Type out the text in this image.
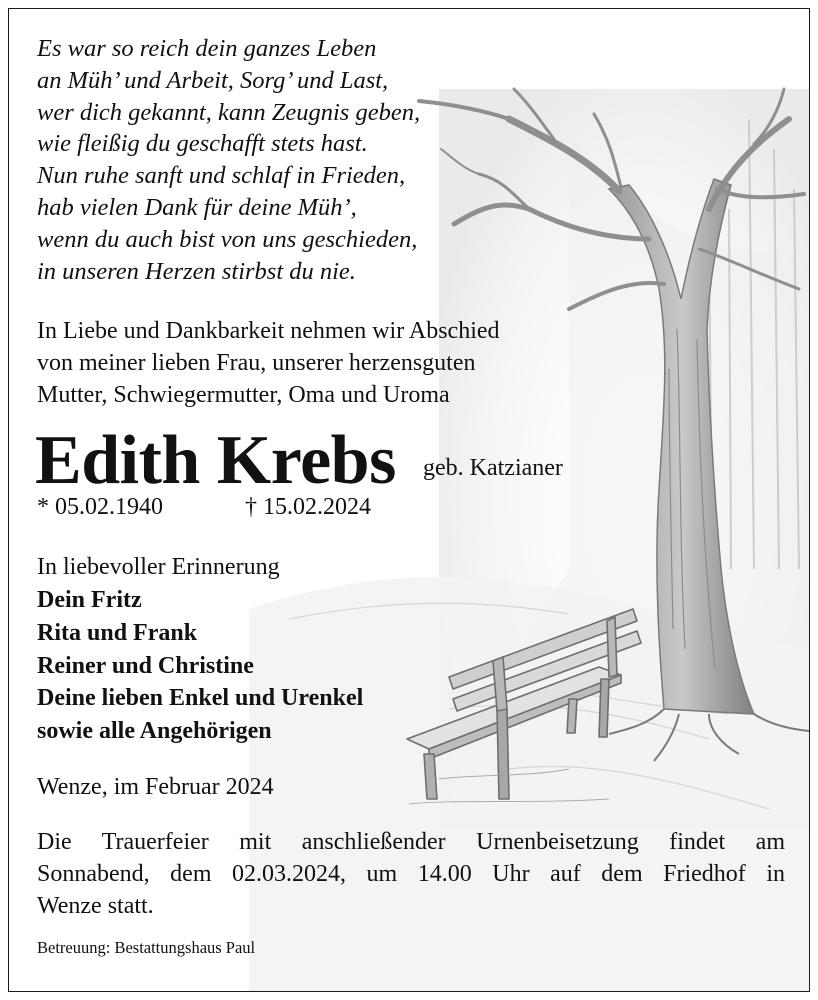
Es war so reich dein ganzes Leben
an Müh’ und Arbeit, Sorg’ und Last,
wer dich gekannt, kann Zeugnis geben,
wie fleißig du geschafft stets hast.
Nun ruhe sanft und schlaf in Frieden,
hab vielen Dank für deine Müh’,
wenn du auch bist von uns geschieden,
in unseren Herzen stirbst du nie.
In Liebe und Dankbarkeit nehmen wir Abschied
von meiner lieben Frau, unserer herzensguten
Mutter, Schwiegermutter, Oma und Uroma
Edith Krebs geb. Katzianer
* 05.02.1940	† 15.02.2024
In liebevoller Erinnerung
Dein Fritz
Rita und Frank
Reiner und Christine
Deine lieben Enkel und Urenkel
sowie alle Angehörigen
Wenze, im Februar 2024
Die Trauerfeier mit anschließender Urnenbeisetzung findet am
Sonnabend, dem 02.03.2024, um 14.00 Uhr auf dem Friedhof in
Wenze statt.
Betreuung: Bestattungshaus Paul
